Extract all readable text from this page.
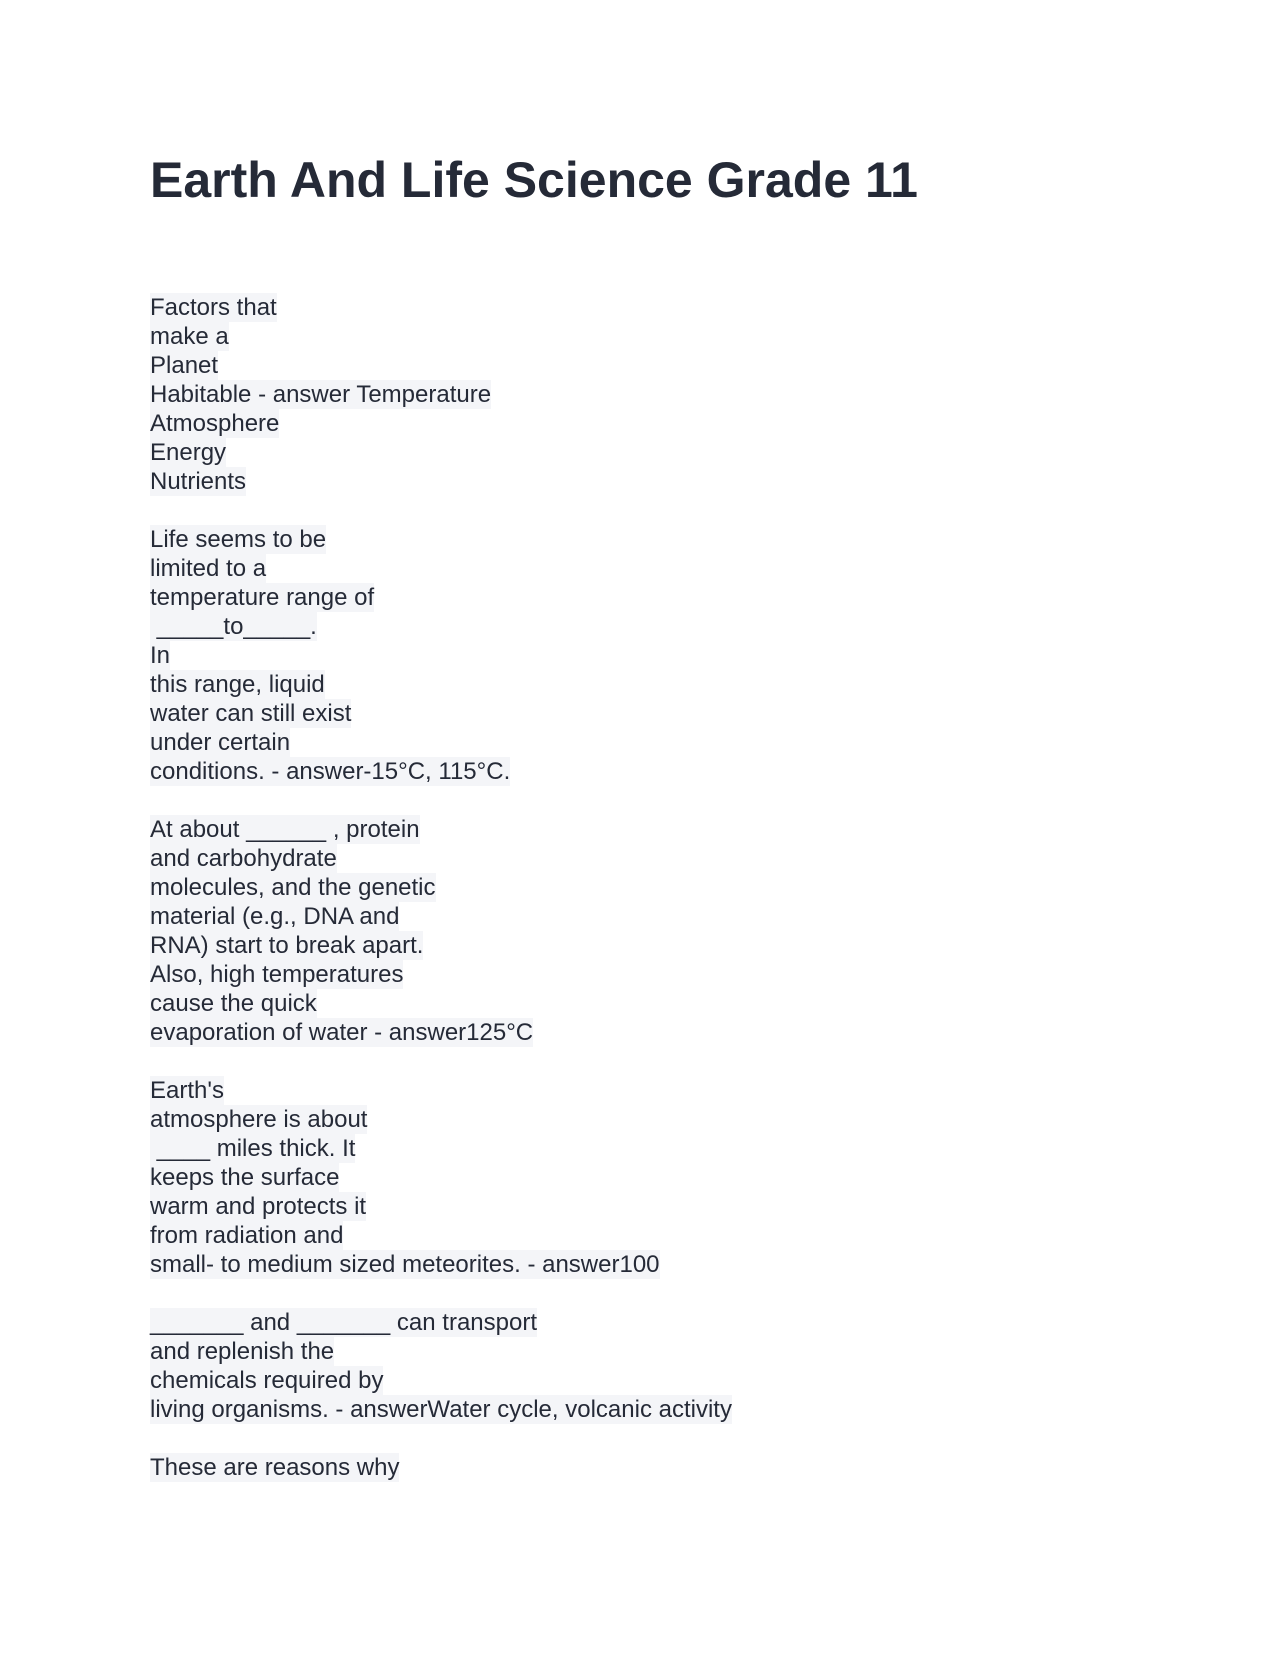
Earth And Life Science Grade 11
Factors that
make a
Planet
Habitable - answer Temperature
Atmosphere
Energy
Nutrients
Life seems to be
limited to a
temperature range of
_____to_____.
In
this range, liquid
water can still exist
under certain
conditions. - answer-15°C, 115°C.
At about ______ , protein
and carbohydrate
molecules, and the genetic
material (e.g., DNA and
RNA) start to break apart.
Also, high temperatures
cause the quick
evaporation of water - answer125°C
Earth's
atmosphere is about
____ miles thick. It
keeps the surface
warm and protects it
from radiation and
small- to medium sized meteorites. - answer100
_______ and _______ can transport
and replenish the
chemicals required by
living organisms. - answerWater cycle, volcanic activity
These are reasons why
